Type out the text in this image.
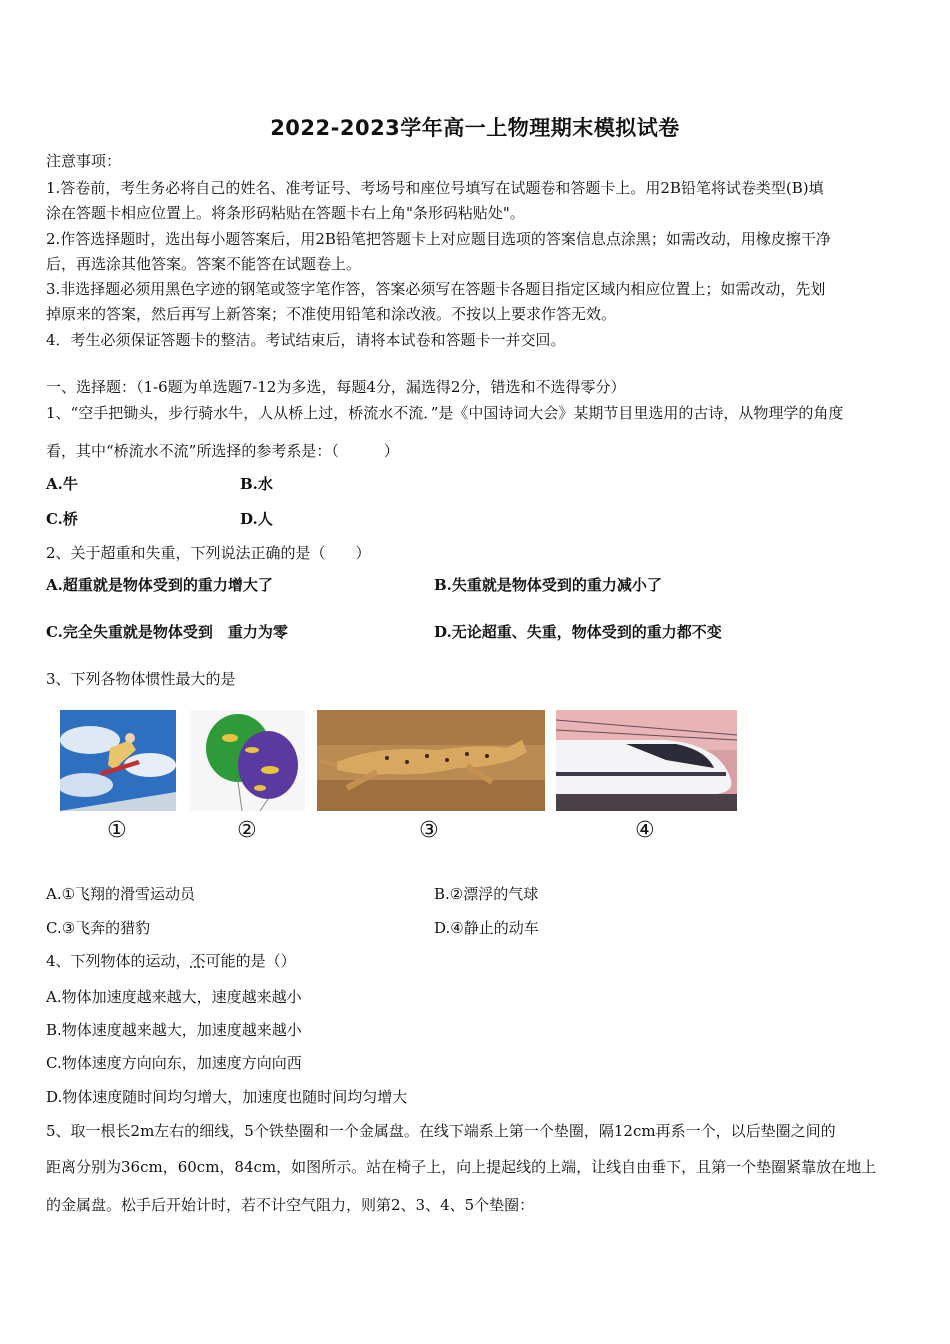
2022-2023学年高一上物理期末模拟试卷
注意事项：
1.答卷前，考生务必将自己的姓名、准考证号、考场号和座位号填写在试题卷和答题卡上。用2B铅笔将试卷类型(B)填
涂在答题卡相应位置上。将条形码粘贴在答题卡右上角"条形码粘贴处"。
2.作答选择题时，选出每小题答案后，用2B铅笔把答题卡上对应题目选项的答案信息点涂黑；如需改动，用橡皮擦干净
后，再选涂其他答案。答案不能答在试题卷上。
3.非选择题必须用黑色字迹的钢笔或签字笔作答，答案必须写在答题卡各题目指定区域内相应位置上；如需改动，先划
掉原来的答案，然后再写上新答案；不准使用铅笔和涂改液。不按以上要求作答无效。
4．考生必须保证答题卡的整洁。考试结束后，请将本试卷和答题卡一并交回。
一、选择题：（1-6题为单选题7-12为多选，每题4分，漏选得2分，错选和不选得零分）
1、“空手把锄头，步行骑水牛，人从桥上过，桥流水不流．”是《中国诗词大会》某期节目里选用的古诗，从物理学的角度
看，其中“桥流水不流”所选择的参考系是：（　　　）
A.牛	B.水
C.桥	D.人
2、关于超重和失重，下列说法正确的是（　　）
A.超重就是物体受到的重力增大了	B.失重就是物体受到的重力减小了
C.完全失重就是物体受到　重力为零	D.无论超重、失重，物体受到的重力都不变
3、下列各物体惯性最大的是
①	②	③	④
A.①飞翔的滑雪运动员	B.②漂浮的气球
C.③飞奔的猎豹	D.④静止的动车
4、下列物体的运动，不可能的是（）
A.物体加速度越来越大，速度越来越小
B.物体速度越来越大，加速度越来越小
C.物体速度方向向东，加速度方向向西
D.物体速度随时间均匀增大，加速度也随时间均匀增大
5、取一根长2m左右的细线，5个铁垫圈和一个金属盘。在线下端系上第一个垫圈，隔12cm再系一个，以后垫圈之间的
距离分别为36cm，60cm，84cm，如图所示。站在椅子上，向上提起线的上端，让线自由垂下，且第一个垫圈紧靠放在地上
的金属盘。松手后开始计时，若不计空气阻力，则第2、3、4、5个垫圈：
